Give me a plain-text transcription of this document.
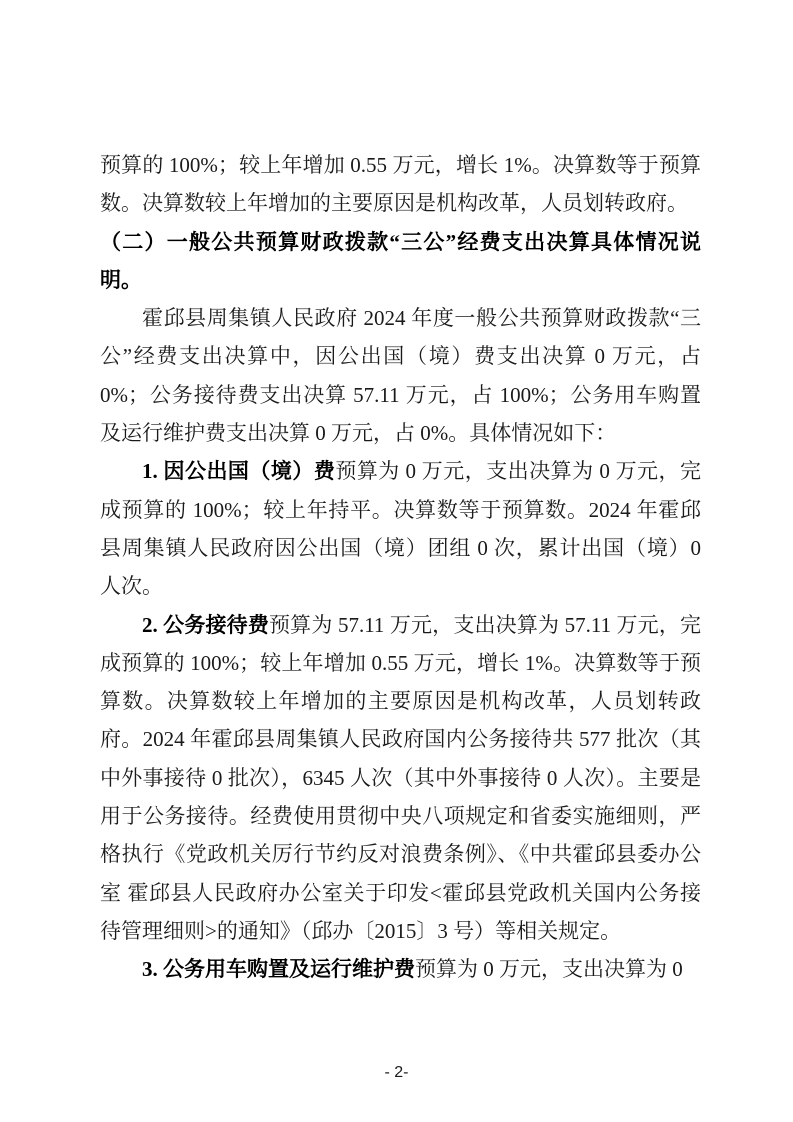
预算的 100%；较上年增加 0.55 万元，增长 1%。决算数等于预算数。决算数较上年增加的主要原因是机构改革，人员划转政府。

（二）一般公共预算财政拨款“三公”经费支出决算具体情况说明。

霍邱县周集镇人民政府 2024 年度一般公共预算财政拨款“三公”经费支出决算中，因公出国（境）费支出决算 0 万元，占 0%；公务接待费支出决算 57.11 万元，占 100%；公务用车购置及运行维护费支出决算 0 万元，占 0%。具体情况如下：

1. 因公出国（境）费预算为 0 万元，支出决算为 0 万元，完成预算的 100%；较上年持平。决算数等于预算数。2024 年霍邱县周集镇人民政府因公出国（境）团组 0 次，累计出国（境）0 人次。

2. 公务接待费预算为 57.11 万元，支出决算为 57.11 万元，完成预算的 100%；较上年增加 0.55 万元，增长 1%。决算数等于预算数。决算数较上年增加的主要原因是机构改革，人员划转政府。2024 年霍邱县周集镇人民政府国内公务接待共 577 批次（其中外事接待 0 批次），6345 人次（其中外事接待 0 人次）。主要是用于公务接待。经费使用贯彻中央八项规定和省委实施细则，严格执行《党政机关厉行节约反对浪费条例》、《中共霍邱县委办公室 霍邱县人民政府办公室关于印发<霍邱县党政机关国内公务接待管理细则>的通知》（邱办〔2015〕3 号）等相关规定。

3. 公务用车购置及运行维护费预算为 0 万元，支出决算为 0

- 2-
